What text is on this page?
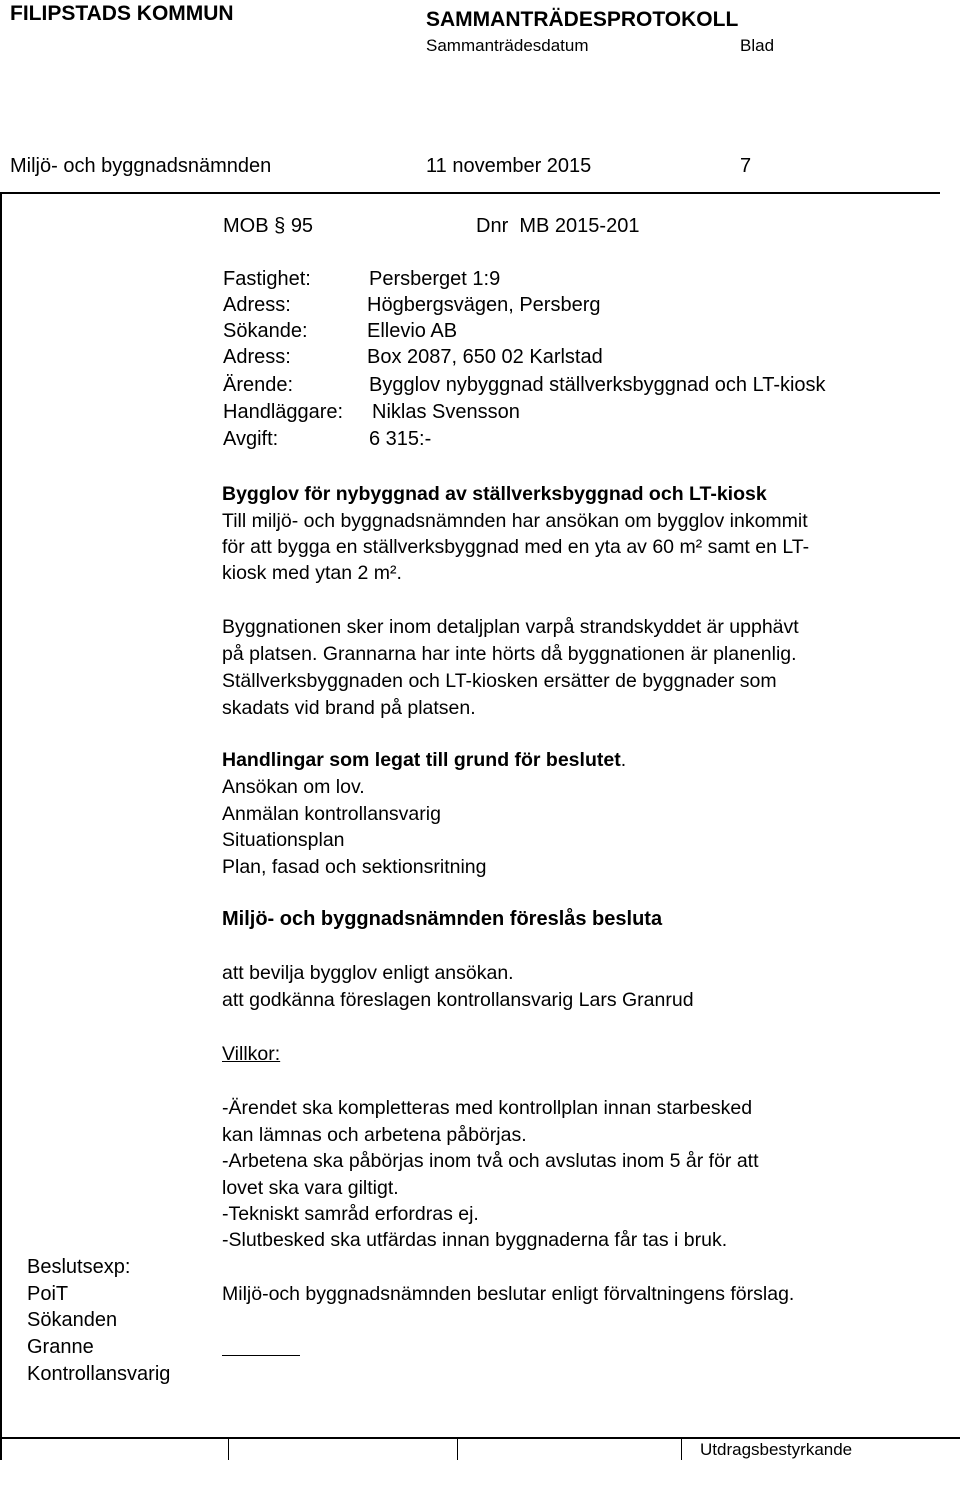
FILIPSTADS KOMMUN	SAMMANTRÄDESPROTOKOLL
Sammanträdesdatum	Blad
Miljö- och byggnadsnämnden	11 november 2015	7
Utdragsbestyrkande
MOB § 95	Dnr MB 2015-201
Fastighet:	Persberget 1:9
Adress:	Högbergsvägen, Persberg
Sökande:	Ellevio AB
Adress:	Box 2087, 650 02 Karlstad
Ärende:	Bygglov nybyggnad ställverksbyggnad och LT-kiosk
Handläggare: Niklas Svensson
Avgift:	6 315:-
Bygglov för nybyggnad av ställverksbyggnad och LT-kiosk
Till miljö- och byggnadsnämnden har ansökan om bygglov inkommit
för att bygga en ställverksbyggnad med en yta av 60 m² samt en LT-
kiosk med ytan 2 m².
Byggnationen sker inom detaljplan varpå strandskyddet är upphävt
på platsen. Grannarna har inte hörts då byggnationen är planenlig.
Ställverksbyggnaden och LT-kiosken ersätter de byggnader som
skadats vid brand på platsen.
Handlingar som legat till grund för beslutet.
Ansökan om lov.
Anmälan kontrollansvarig
Situationsplan
Plan, fasad och sektionsritning
Miljö- och byggnadsnämnden föreslås besluta
att bevilja bygglov enligt ansökan.
att godkänna föreslagen kontrollansvarig Lars Granrud
Villkor:
-Ärendet ska kompletteras med kontrollplan innan starbesked
kan lämnas och arbetena påbörjas.
-Arbetena ska påbörjas inom två och avslutas inom 5 år för att
lovet ska vara giltigt.
-Tekniskt samråd erfordras ej.
-Slutbesked ska utfärdas innan byggnaderna får tas i bruk.
Miljö-och byggnadsnämnden beslutar enligt förvaltningens förslag.
Beslutsexp:
PoiT
Sökanden
Granne
Kontrollansvarig
